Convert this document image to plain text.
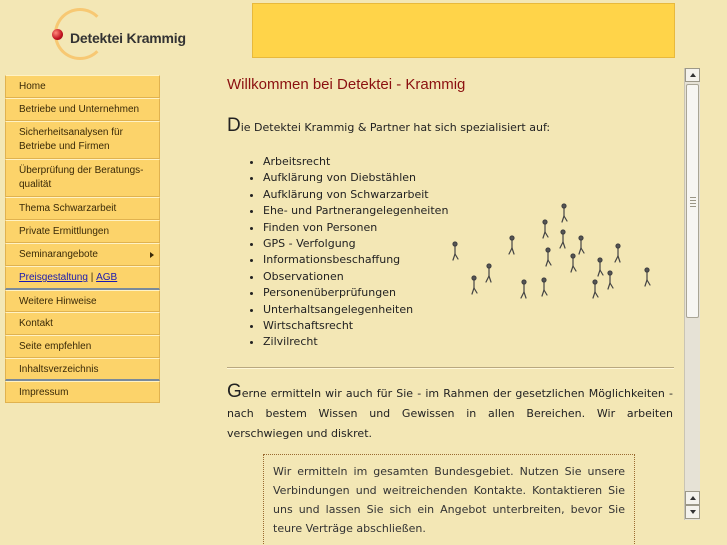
Detektei Krammig
Home
Betriebe und Unternehmen
Sicherheitsanalysen für Betriebe und Firmen
Überprüfung der Beratungs-qualität
Thema Schwarzarbeit
Private Ermittlungen
Seminarangebote
Preisgestaltung | AGB
Weitere Hinweise
Kontakt
Seite empfehlen
Inhaltsverzeichnis
Impressum
Willkommen bei Detektei - Krammig
Die Detektei Krammig & Partner hat sich spezialisiert auf:
• Arbeitsrecht
• Aufklärung von Diebstählen
• Aufklärung von Schwarzarbeit
• Ehe- und Partnerangelegenheiten
• Finden von Personen
• GPS - Verfolgung
• Informationsbeschaffung
• Observationen
• Personenüberprüfungen
• Unterhaltsangelegenheiten
• Wirtschaftsrecht
• Zilvilrecht
Gerne ermitteln wir auch für Sie - im Rahmen der gesetzlichen Möglichkeiten - nach bestem Wissen und Gewissen in allen Bereichen. Wir arbeiten verschwiegen und diskret.
Wir ermitteln im gesamten Bundesgebiet. Nutzen Sie unsere Verbindungen und weitreichenden Kontakte. Kontaktieren Sie uns und lassen Sie sich ein Angebot unterbreiten, bevor Sie teure Verträge abschließen.
